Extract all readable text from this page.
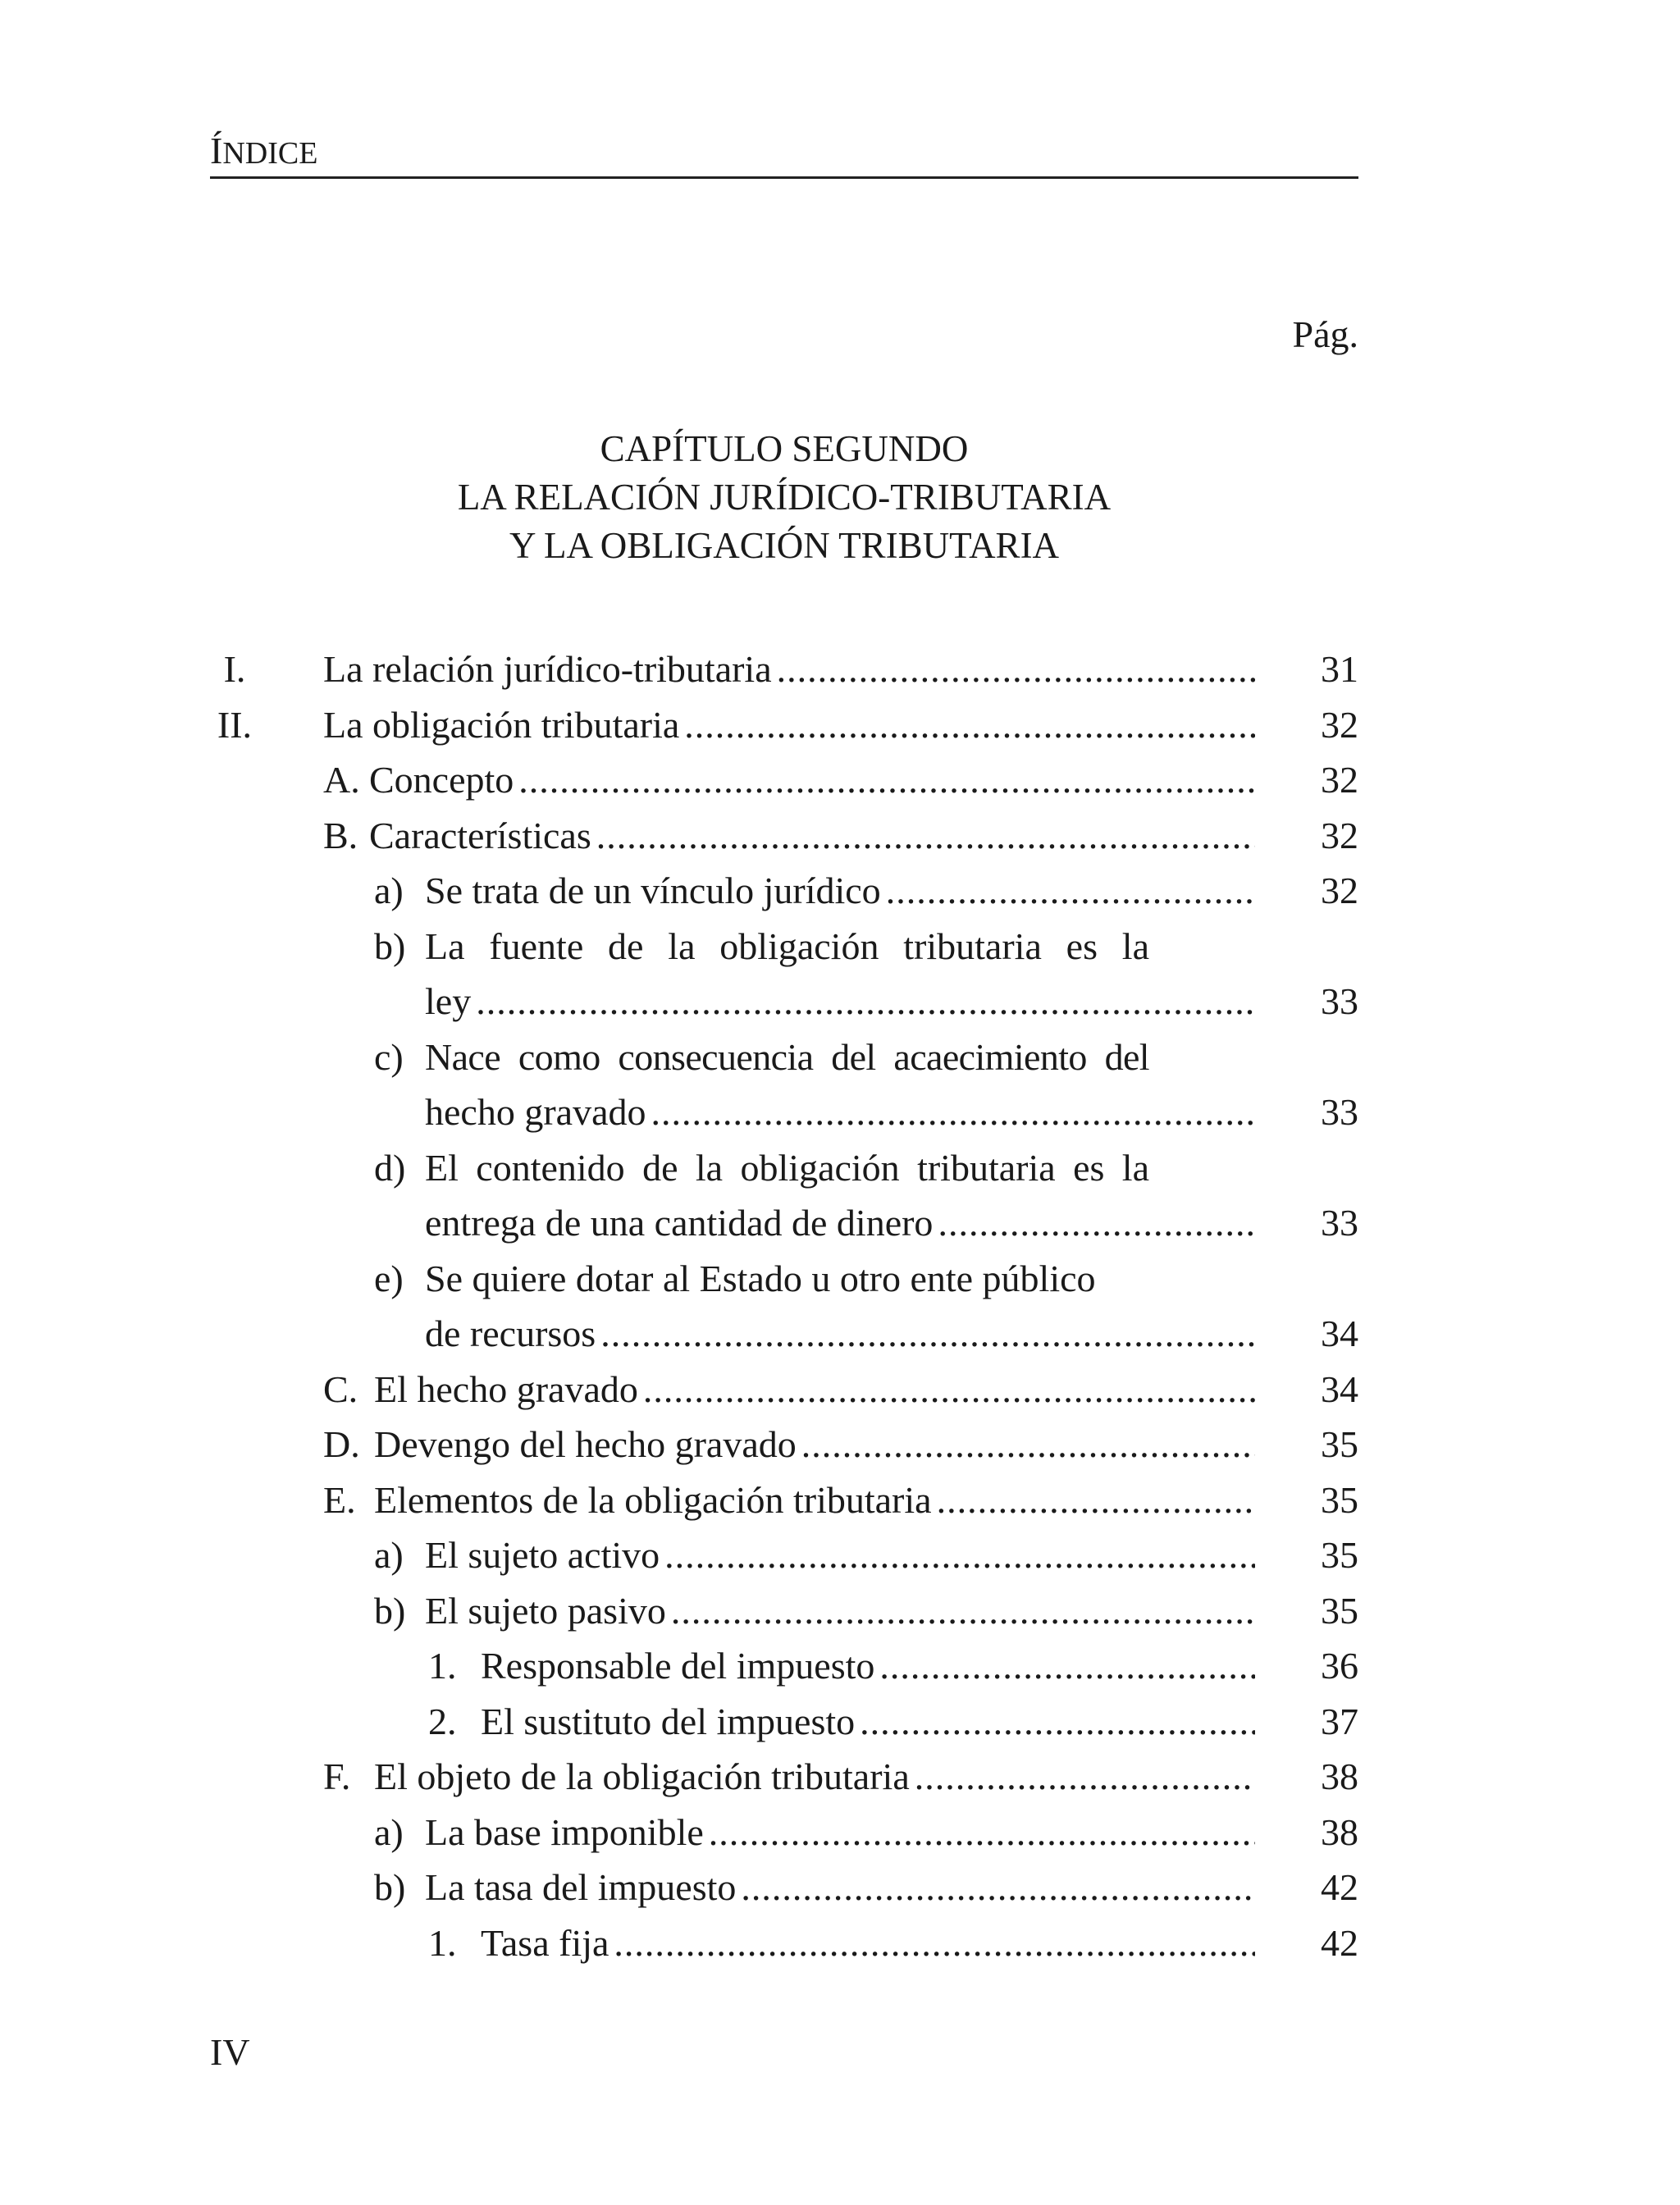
ÍNDICE
Pág.
CAPÍTULO SEGUNDO
LA RELACIÓN JURÍDICO-TRIBUTARIA
Y LA OBLIGACIÓN TRIBUTARIA
I.	La relación jurídico-tributaria .....	31
II. La obligación tributaria .....	32
A. Concepto .....	32
B. Características .....	32
a) Se trata de un vínculo jurídico .....	32
b) La fuente de la obligación tributaria es la
ley .....	33
c) Nace como consecuencia del acaecimiento del
hecho gravado .....	33
d) El contenido de la obligación tributaria es la
entrega de una cantidad de dinero .....	33
e) Se quiere dotar al Estado u otro ente público
de recursos .....	34
C. El hecho gravado .....	34
D. Devengo del hecho gravado .....	35
E. Elementos de la obligación tributaria .....	35
a) El sujeto activo .....	35
b) El sujeto pasivo .....	35
1. Responsable del impuesto .....	36
2. El sustituto del impuesto .....	37
F. El objeto de la obligación tributaria .....	38
a) La base imponible .....	38
b) La tasa del impuesto .....	42
1. Tasa fija .....	42
IV
